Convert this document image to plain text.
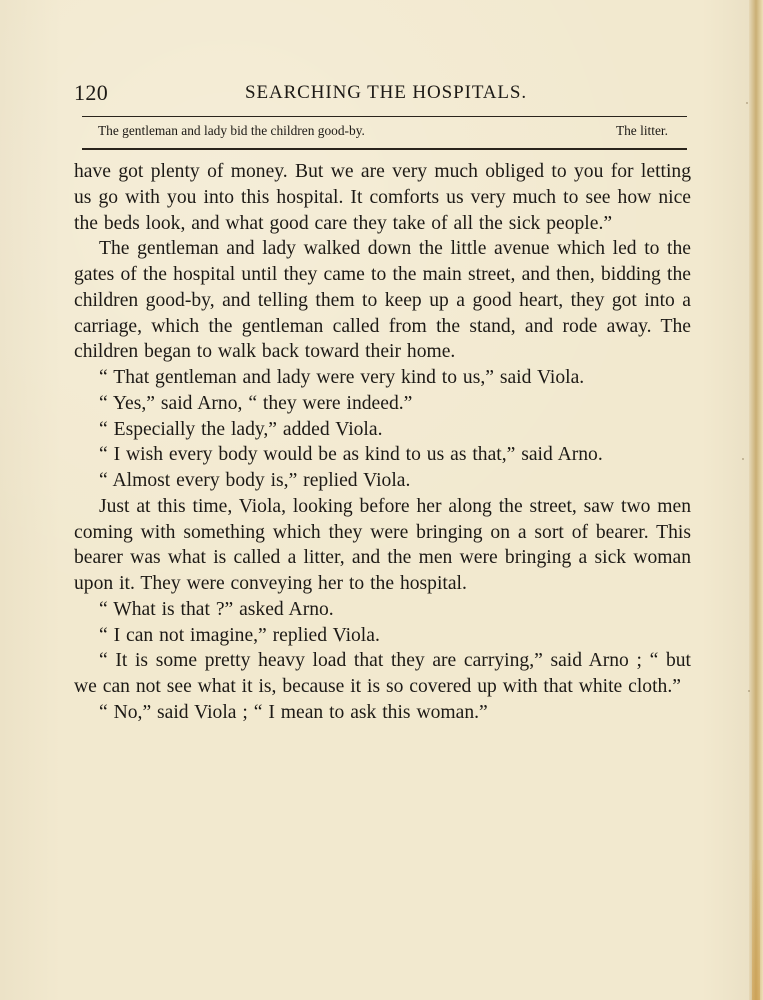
120	SEARCHING THE HOSPITALS.
The gentleman and lady bid the children good-by.	The litter.

have got plenty of money. But we are very much obliged to you for letting us go with you into this hospital. It comforts us very much to see how nice the beds look, and what good care they take of all the sick people.”

The gentleman and lady walked down the little avenue which led to the gates of the hospital until they came to the main street, and then, bidding the children good-by, and telling them to keep up a good heart, they got into a carriage, which the gentleman called from the stand, and rode away. The children began to walk back toward their home.

“ That gentleman and lady were very kind to us,” said Viola.

“ Yes,” said Arno, “ they were indeed.”

“ Especially the lady,” added Viola.

“ I wish every body would be as kind to us as that,” said Arno.

“ Almost every body is,” replied Viola.

Just at this time, Viola, looking before her along the street, saw two men coming with something which they were bringing on a sort of bearer. This bearer was what is called a litter, and the men were bringing a sick woman upon it. They were conveying her to the hospital.

“ What is that ?” asked Arno.

“ I can not imagine,” replied Viola.

“ It is some pretty heavy load that they are carrying,” said Arno ; “ but we can not see what it is, because it is so covered up with that white cloth.”

“ No,” said Viola ; “ I mean to ask this woman.”
